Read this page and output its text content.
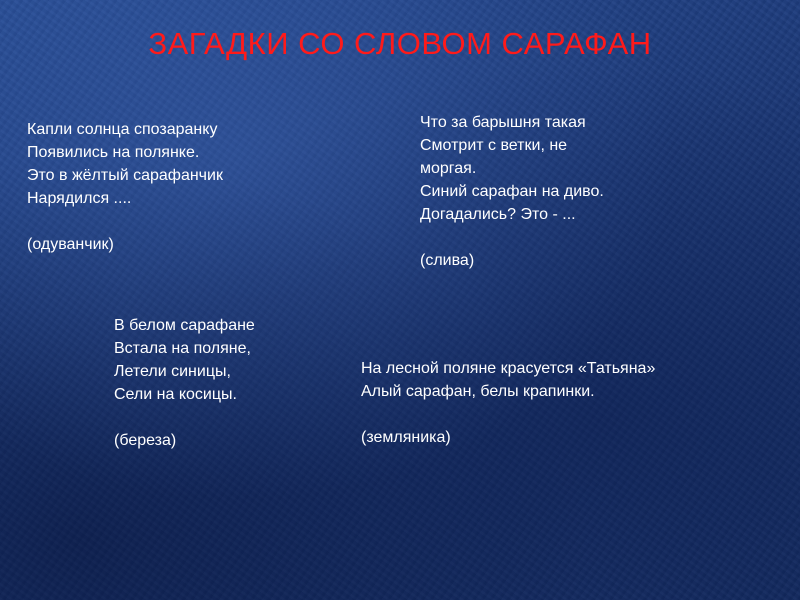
ЗАГАДКИ СО СЛОВОМ САРАФАН
Капли солнца спозаранку
Появились на полянке.
Это в жёлтый сарафанчик
Нарядился ....
(одуванчик)
Что за барышня такая
Смотрит с ветки, не
моргая.
Синий сарафан на диво.
Догадались? Это - ...
(слива)
В белом сарафане
Встала на поляне,
Летели синицы,
Сели на косицы.
(береза)
На лесной поляне красуется «Татьяна»
Алый сарафан, белы крапинки.
(земляника)
